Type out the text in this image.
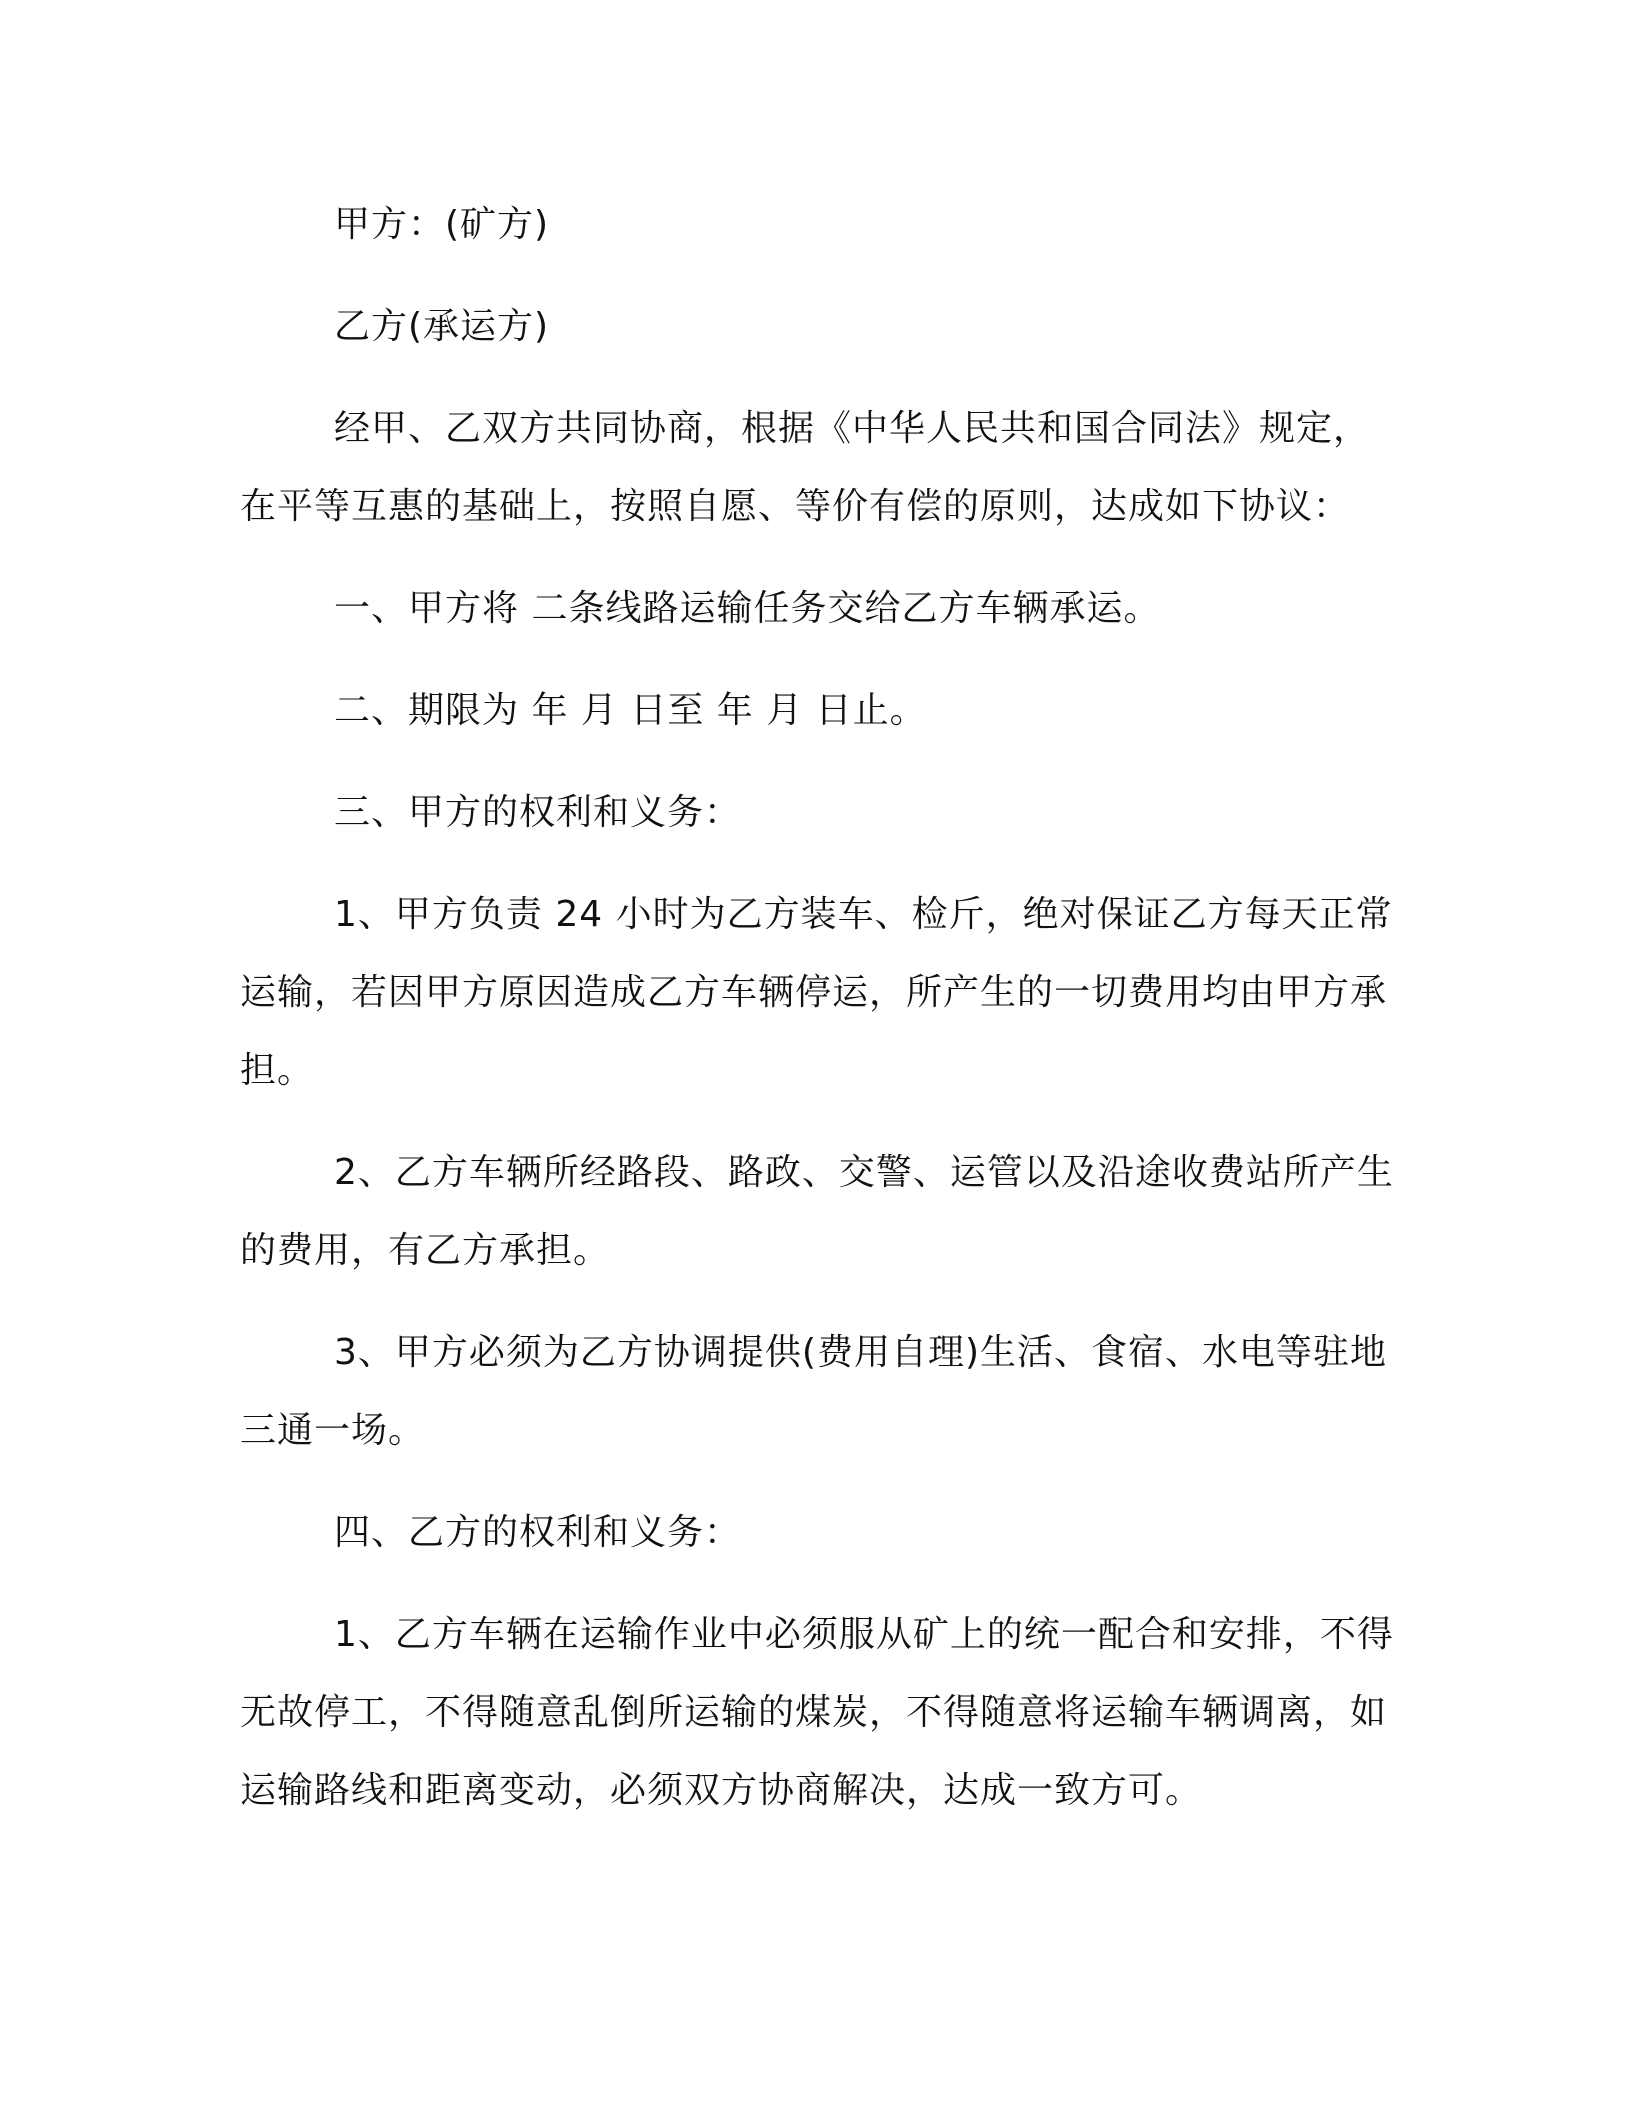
甲方：(矿方)

乙方(承运方)

经甲、乙双方共同协商，根据《中华人民共和国合同法》规定，在平等互惠的基础上，按照自愿、等价有偿的原则，达成如下协议：

一、甲方将 二条线路运输任务交给乙方车辆承运。

二、期限为 年 月 日至 年 月 日止。

三、甲方的权利和义务：

1、甲方负责 24 小时为乙方装车、检斤，绝对保证乙方每天正常运输，若因甲方原因造成乙方车辆停运，所产生的一切费用均由甲方承担。

2、乙方车辆所经路段、路政、交警、运管以及沿途收费站所产生的费用，有乙方承担。

3、甲方必须为乙方协调提供(费用自理)生活、食宿、水电等驻地三通一场。

四、乙方的权利和义务：

1、乙方车辆在运输作业中必须服从矿上的统一配合和安排，不得无故停工，不得随意乱倒所运输的煤炭，不得随意将运输车辆调离，如运输路线和距离变动，必须双方协商解决，达成一致方可。
